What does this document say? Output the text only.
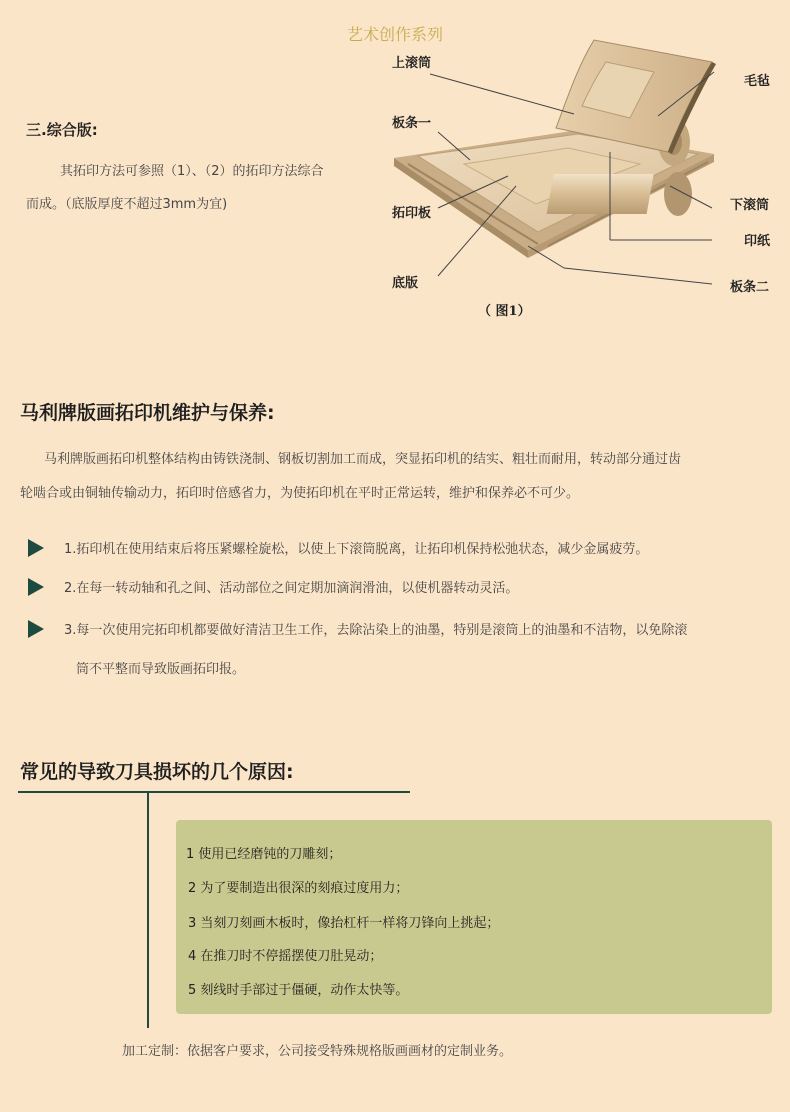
艺术创作系列
三.综合版:
其拓印方法可参照（1）、（2）的拓印方法综合
而成。（底版厚度不超过3mm为宜)
上滚筒
板条一
拓印板
底版
毛毡
下滚筒
印纸
板条二
（ 图1）
马利牌版画拓印机维护与保养:
马利牌版画拓印机整体结构由铸铁浇制、钢板切割加工而成，突显拓印机的结实、粗壮而耐用，转动部分通过齿
轮啮合或由铜轴传输动力，拓印时倍感省力，为使拓印机在平时正常运转，维护和保养必不可少。
1.拓印机在使用结束后将压紧螺栓旋松，以使上下滚筒脱离，让拓印机保持松弛状态，减少金属疲劳。
2.在每一转动轴和孔之间、活动部位之间定期加滴润滑油，以使机器转动灵活。
3.每一次使用完拓印机都要做好清洁卫生工作，去除沾染上的油墨，特别是滚筒上的油墨和不洁物，以免除滚
筒不平整而导致版画拓印报。
常见的导致刀具损坏的几个原因:
1 使用已经磨钝的刀雕刻；
2 为了要制造出很深的刻痕过度用力；
3 当刻刀刻画木板时，像抬杠杆一样将刀锋向上挑起；
4 在推刀时不停摇摆使刀肚晃动；
5 刻线时手部过于僵硬，动作太快等。
加工定制：依据客户要求，公司接受特殊规格版画画材的定制业务。
